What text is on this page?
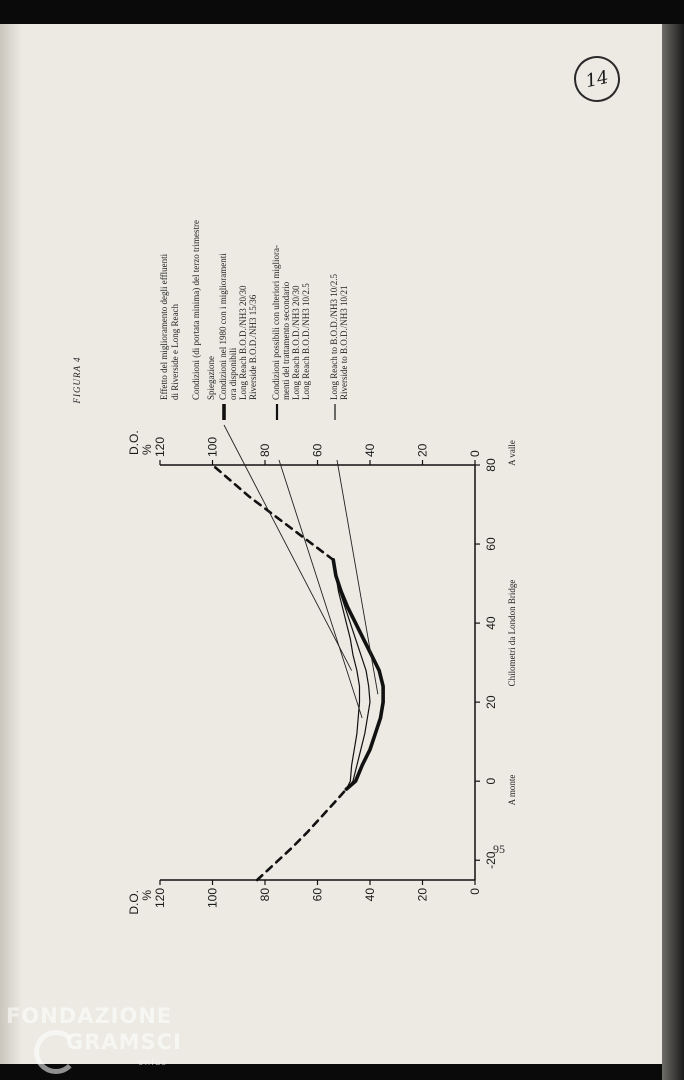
0
0
20
20
40
40
60
60
80
80
100
100
120
120
D.O. %
D.O. %
-20
0
20
40
60
80
FIGURA 4
Chilometri da London Bridge
A monte
A valle
Effetto del miglioramento degli effluenti di Riverside e Long Reach Condizioni (di portata minima) del terzo trimestre Spiegazione Condizioni nel 1980 con i miglioramenti ora disponibili Long Reach B.O.D./NH3 20/30 Riverside B.O.D./NH3 15/36 Condizioni possibili con ulteriori migliora- menti del trattamento secondario Long Reach B.O.D./NH3 20/30 Long Reach B.O.D./NH3 10/2.5 Long Reach to B.O.D./NH3 10/2.5 Riverside to B.O.D./NH3 10/21
95
14
FONDAZIONE
GRAMSCI
onlus
